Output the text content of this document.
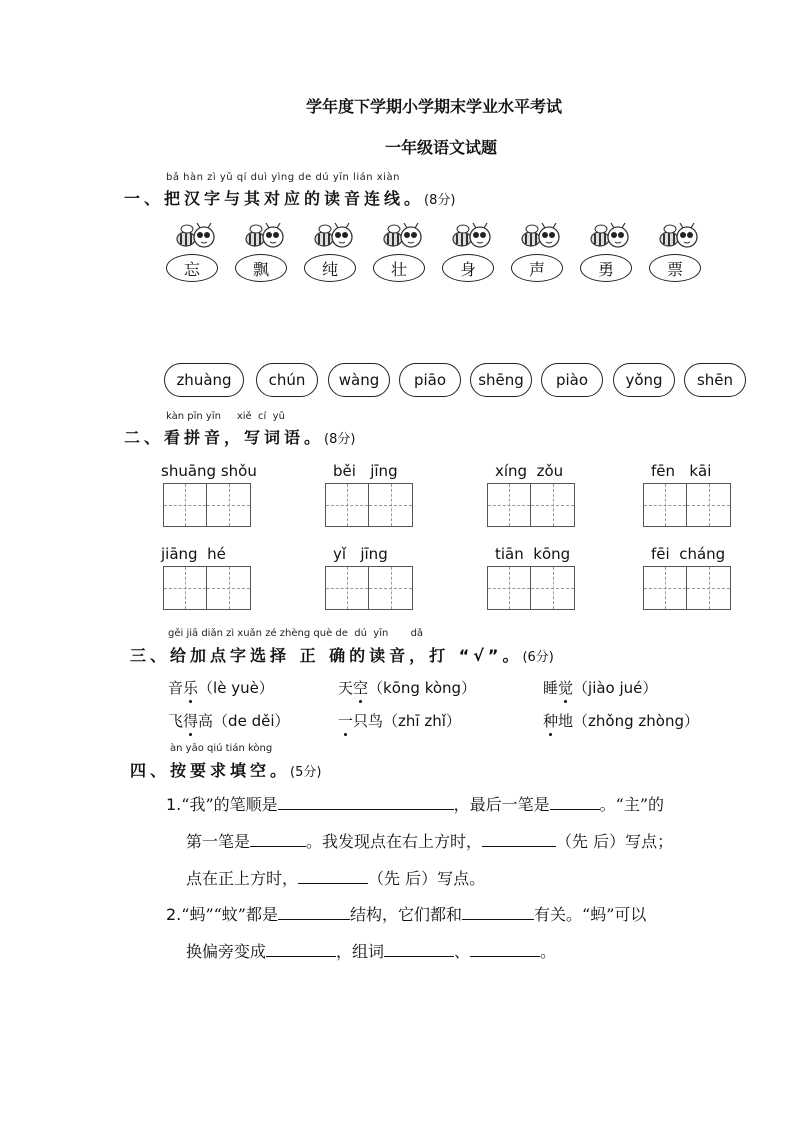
学年度下学期小学期末学业水平考试
一年级语文试题
bǎ hàn zì yǔ qí duì yìng de dú yīn lián xiàn
一、把汉字与其对应的读音连线。(8分)
忘	飘	纯	壮	身	声	勇	票
zhuàng	chún	wàng	piāo	shēng	piào	yǒng	shēn
kàn pīn yīn     xiě  cí  yǔ
二、看拼音，写词语。(8分)
shuāng shǒu	běi   jīng	xíng  zǒu	fēn   kāi
jiāng  hé	yǐ   jīng	tiān  kōng	fēi  cháng
gěi jiā diǎn zì xuǎn zé zhèng què de  dú  yīn       dǎ
三、给加点字选择 正 确的读音，打 “√”。(6分)
音乐（lè yuè）	天空（kōng kòng）	睡觉（jiào jué）
飞得高（de děi）	一只鸟（zhī zhǐ）	种地（zhǒng zhòng）
àn yāo qiú tián kòng
四、按要求填空。(5分)
1.“我”的笔顺是	，最后一笔是	。“主”的
第一笔是	。我发现点在右上方时，	（先 后）写点；
点在正上方时，	（先 后）写点。
2.“蚂”“蚊”都是	结构，它们都和	有关。“蚂”可以
换偏旁变成	，组词	、	。
